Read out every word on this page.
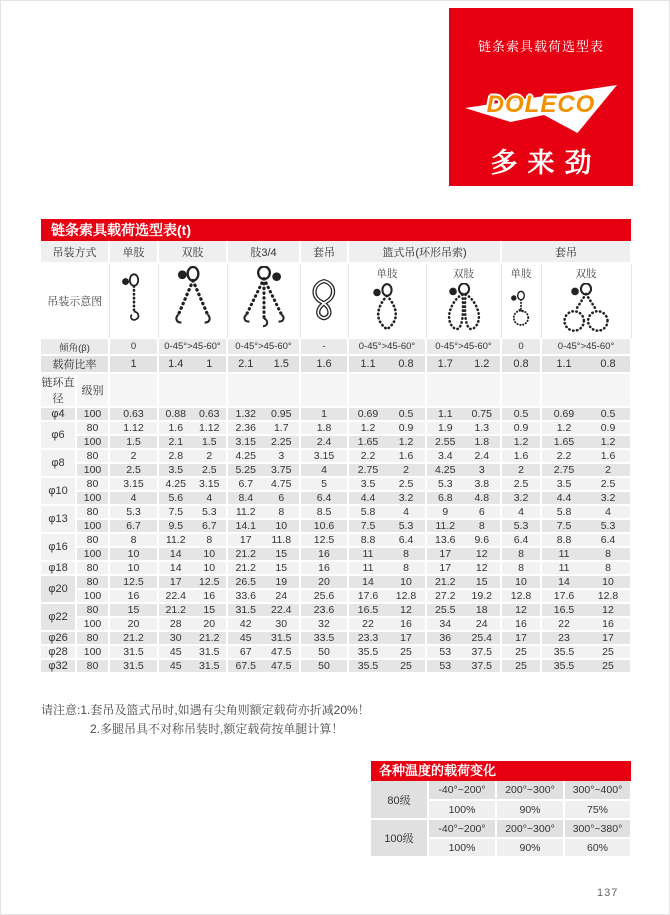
链条索具载荷选型表
DOLECO
多来劲
链条索具载荷选型表(t)
吊装方式		单肢	双肢	肢3/4	套吊	篮式吊(环形吊索)		套吊	
吊装示意图						单肢	双肢	单肢	双肢

倾角(β)		0	0-45°>45-60°	0-45°>45-60°	-	0-45°>45-60°	0-45°>45-60°	0	0-45°>45-60°
载荷比率		1	1.4 1	2.1 1.5	1.6	1.1 0.8	1.7 1.2	0.8	1.1 0.8

链环直径	级别								
φ4	100	0.63	0.88 0.63	1.32 0.95	1	0.69 0.5	1.1 0.75	0.5	0.69 0.5

φ6	80	1.12	1.6 1.12	2.36 1.7	1.8	1.2 0.9	1.9 1.3	0.9	1.2 0.9

	100	1.5	2.1 1.5	3.15 2.25	2.4	1.65 1.2	2.55 1.8	1.2	1.65 1.2

φ8	80	2	2.8 2	4.25 3	3.15	2.2 1.6	3.4 2.4	1.6	2.2 1.6

	100	2.5	3.5 2.5	5.25 3.75	4	2.75 2	4.25 3	2	2.75 2

φ10	80	3.15	4.25 3.15	6.7 4.75	5	3.5 2.5	5.3 3.8	2.5	3.5 2.5

	100	4	5.6 4	8.4 6	6.4	4.4 3.2	6.8 4.8	3.2	4.4 3.2

φ13	80	5.3	7.5 5.3	11.2 8	8.5	5.8 4	9 6	4	5.8 4

	100	6.7	9.5 6.7	14.1 10	10.6	7.5 5.3	11.2 8	5.3	7.5 5.3

φ16	80	8	11.2 8	17 11.8	12.5	8.8 6.4	13.6 9.6	6.4	8.8 6.4

	100	10	14 10	21.2 15	16	11 8	17 12	8	11 8

φ18	80	10	14 10	21.2 15	16	11 8	17 12	8	11 8

φ20	80	12.5	17 12.5	26.5 19	20	14 10	21.2 15	10	14 10

	100	16	22.4 16	33.6 24	25.6	17.6 12.8	27.2 19.2	12.8	17.6 12.8

φ22	80	15	21.2 15	31.5 22.4	23.6	16.5 12	25.5 18	12	16.5 12

	100	20	28 20	42 30	32	22 16	34 24	16	22 16

φ26	80	21.2	30 21.2	45 31.5	33.5	23.3 17	36 25.4	17	23 17

φ28	100	31.5	45 31.5	67 47.5	50	35.5 25	53 37.5	25	35.5 25

φ32	80	31.5	45 31.5	67.5 47.5	50	35.5 25	53 37.5	25	35.5 25
请注意:1.套吊及篮式吊时,如遇有尖角则额定载荷亦折减20%！
2.多腿吊具不对称吊装时,额定载荷按单腿计算！
各种温度的载荷变化
80级	-40°~200°	200°~300°	300°~400°
	100%	90%	75%
100级	-40°~200°	200°~300°	300°~380°
	100%	90%	60%
137
